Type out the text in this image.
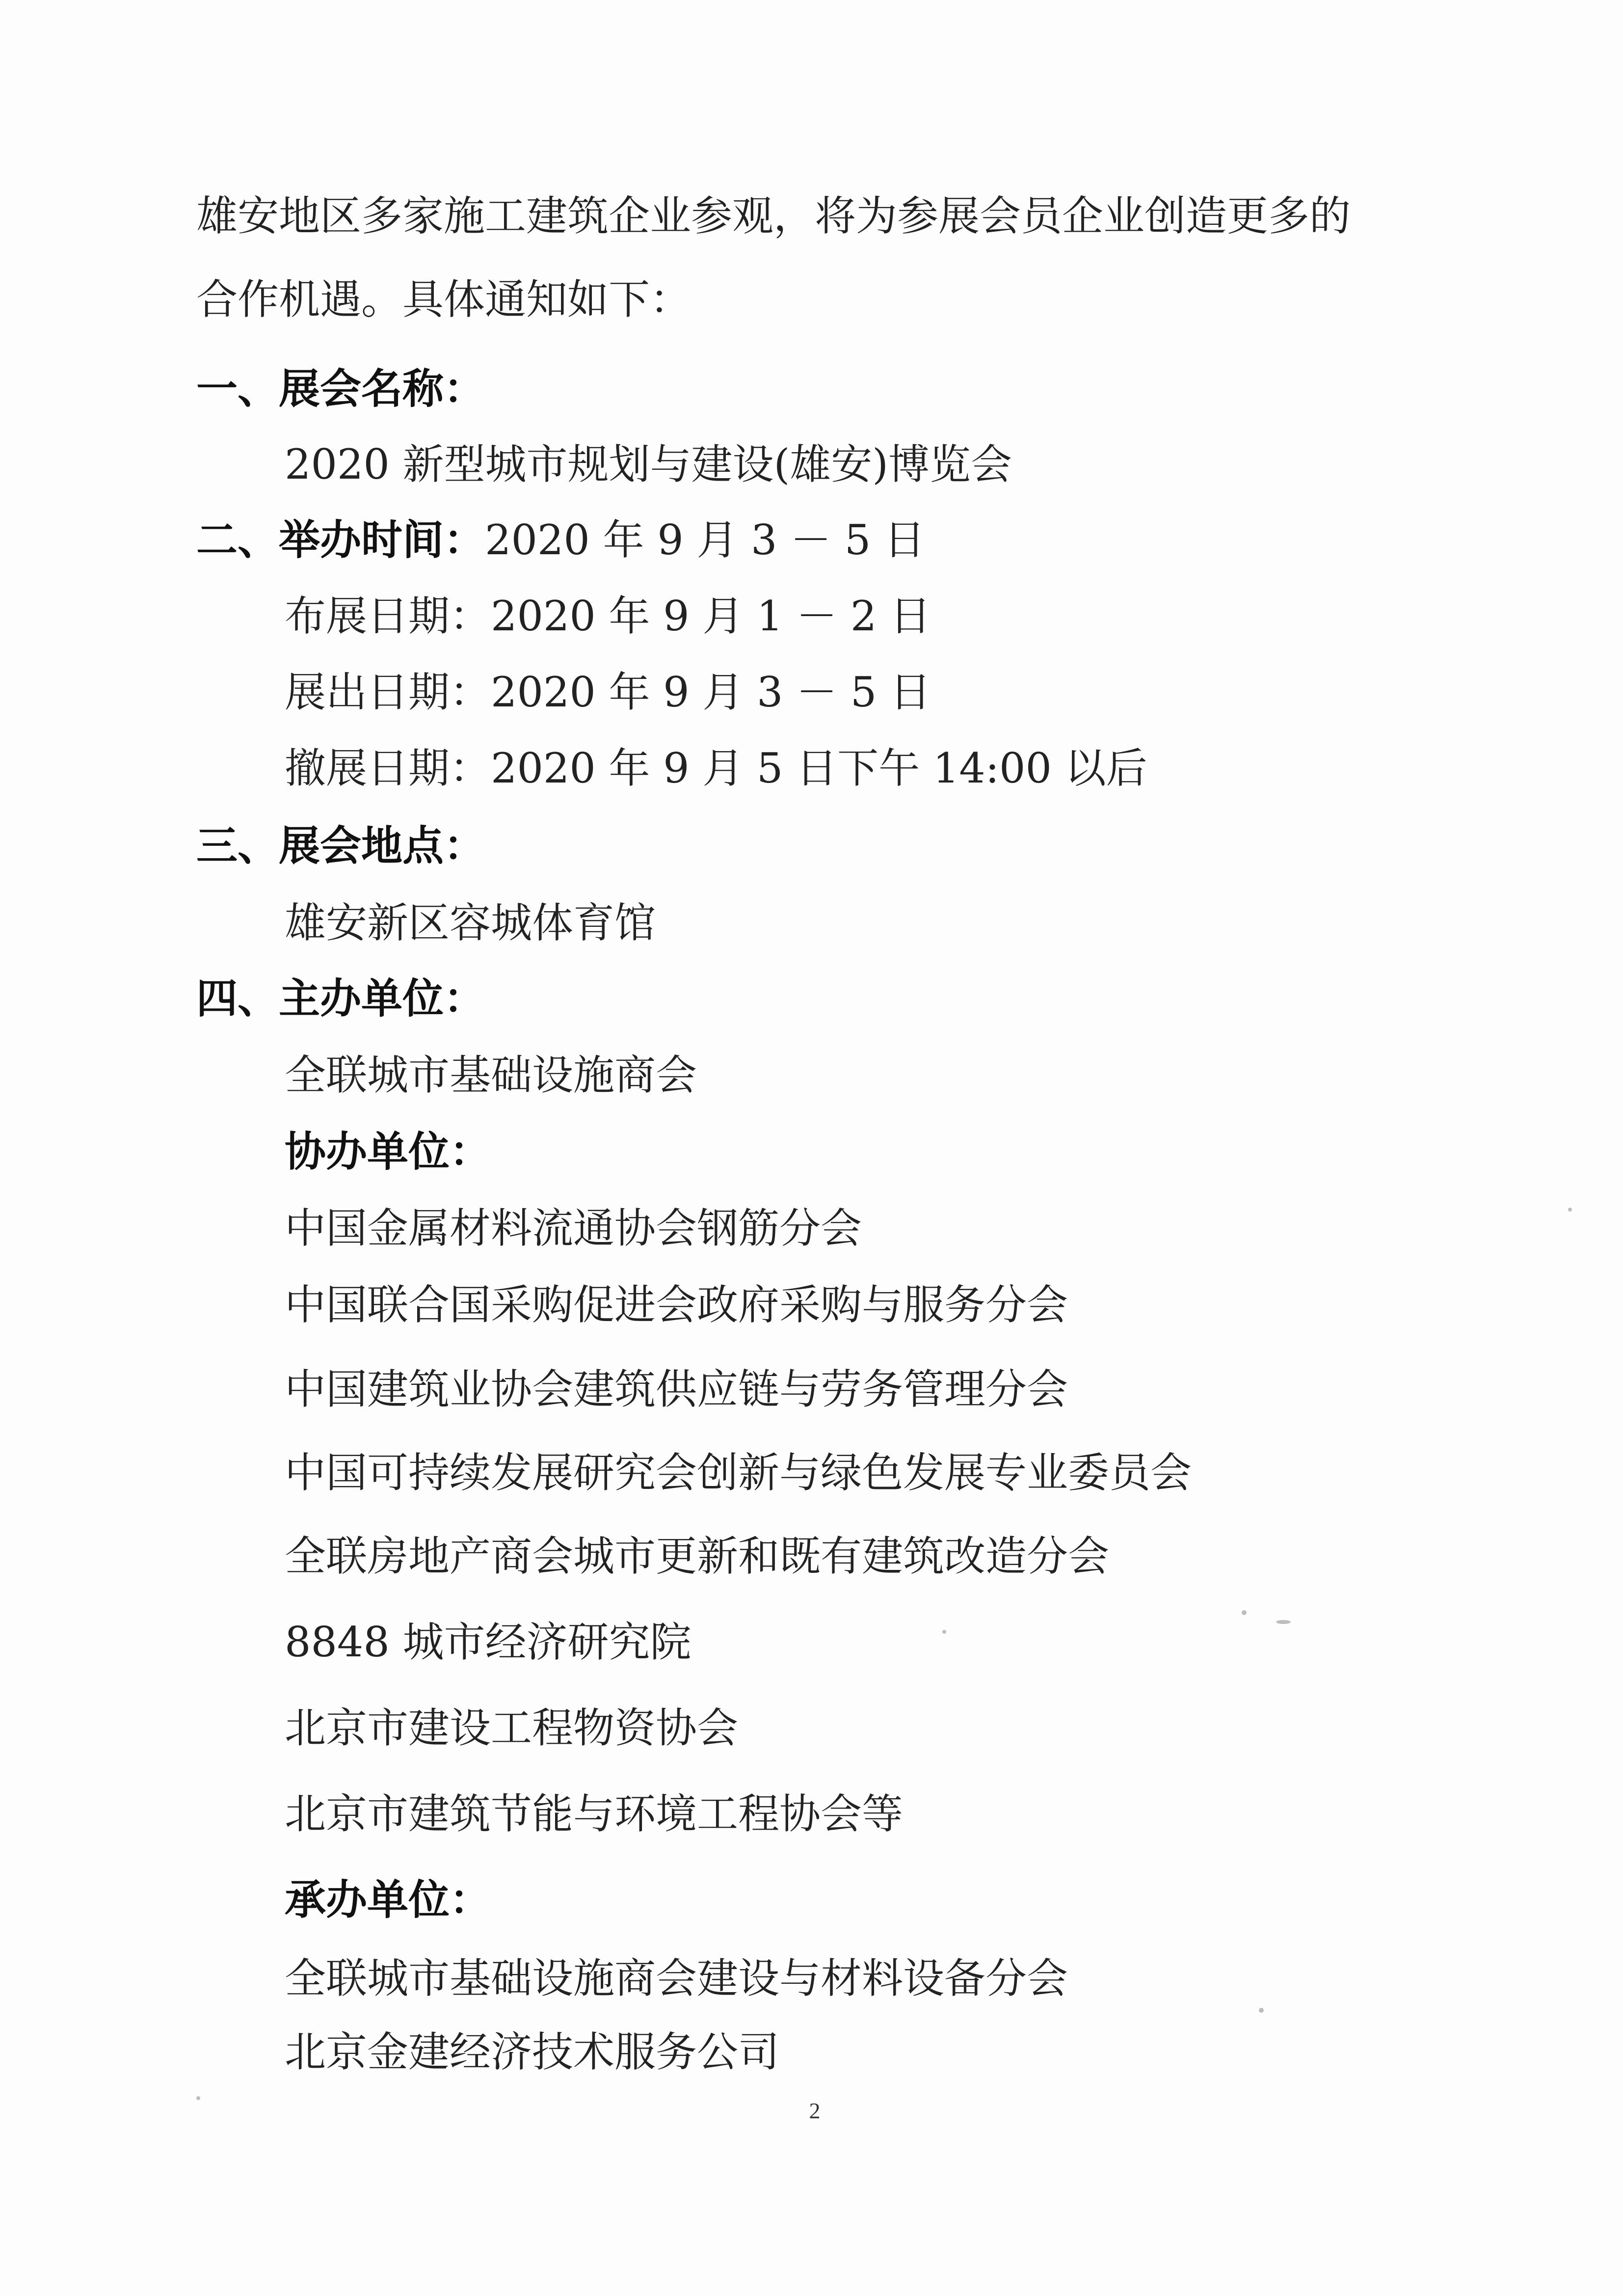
雄安地区多家施工建筑企业参观，将为参展会员企业创造更多的
合作机遇。具体通知如下：
一、展会名称：
2020 新型城市规划与建设(雄安)博览会
二、举办时间：2020 年 9 月 3 － 5 日
布展日期：2020 年 9 月 1 － 2 日
展出日期：2020 年 9 月 3 － 5 日
撤展日期：2020 年 9 月 5 日下午 14:00 以后
三、展会地点：
雄安新区容城体育馆
四、主办单位：
全联城市基础设施商会
协办单位：
中国金属材料流通协会钢筋分会
中国联合国采购促进会政府采购与服务分会
中国建筑业协会建筑供应链与劳务管理分会
中国可持续发展研究会创新与绿色发展专业委员会
全联房地产商会城市更新和既有建筑改造分会
8848 城市经济研究院
北京市建设工程物资协会
北京市建筑节能与环境工程协会等
承办单位：
全联城市基础设施商会建设与材料设备分会
北京金建经济技术服务公司
2
